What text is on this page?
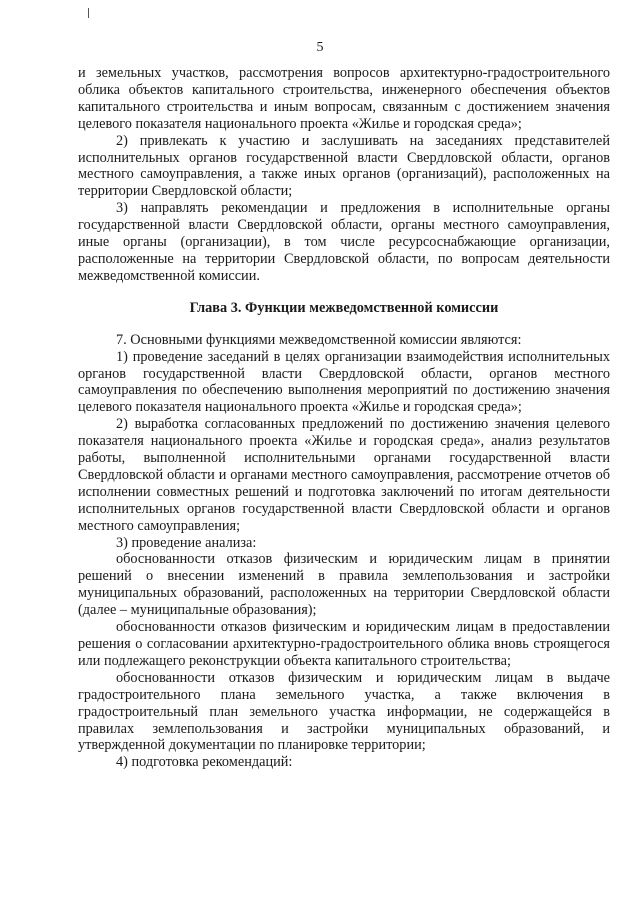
5

и земельных участков, рассмотрения вопросов архитектурно-градостроительного облика объектов капитального строительства, инженерного обеспечения объектов капитального строительства и иным вопросам, связанным с достижением значения целевого показателя национального проекта «Жилье и городская среда»;

2) привлекать к участию и заслушивать на заседаниях представителей исполнительных органов государственной власти Свердловской области, органов местного самоуправления, а также иных органов (организаций), расположенных на территории Свердловской области;

3) направлять рекомендации и предложения в исполнительные органы государственной власти Свердловской области, органы местного самоуправления, иные органы (организации), в том числе ресурсоснабжающие организации, расположенные на территории Свердловской области, по вопросам деятельности межведомственной комиссии.

Глава 3. Функции межведомственной комиссии

7. Основными функциями межведомственной комиссии являются:

1) проведение заседаний в целях организации взаимодействия исполнительных органов государственной власти Свердловской области, органов местного самоуправления по обеспечению выполнения мероприятий по достижению значения целевого показателя национального проекта «Жилье и городская среда»;

2) выработка согласованных предложений по достижению значения целевого показателя национального проекта «Жилье и городская среда», анализ результатов работы, выполненной исполнительными органами государственной власти Свердловской области и органами местного самоуправления, рассмотрение отчетов об исполнении совместных решений и подготовка заключений по итогам деятельности исполнительных органов государственной власти Свердловской области и органов местного самоуправления;

3) проведение анализа:

обоснованности отказов физическим и юридическим лицам в принятии решений о внесении изменений в правила землепользования и застройки муниципальных образований, расположенных на территории Свердловской области (далее – муниципальные образования);

обоснованности отказов физическим и юридическим лицам в предоставлении решения о согласовании архитектурно-градостроительного облика вновь строящегося или подлежащего реконструкции объекта капитального строительства;

обоснованности отказов физическим и юридическим лицам в выдаче градостроительного плана земельного участка, а также включения в градостроительный план земельного участка информации, не содержащейся в правилах землепользования и застройки муниципальных образований, и утвержденной документации по планировке территории;

4) подготовка рекомендаций:
